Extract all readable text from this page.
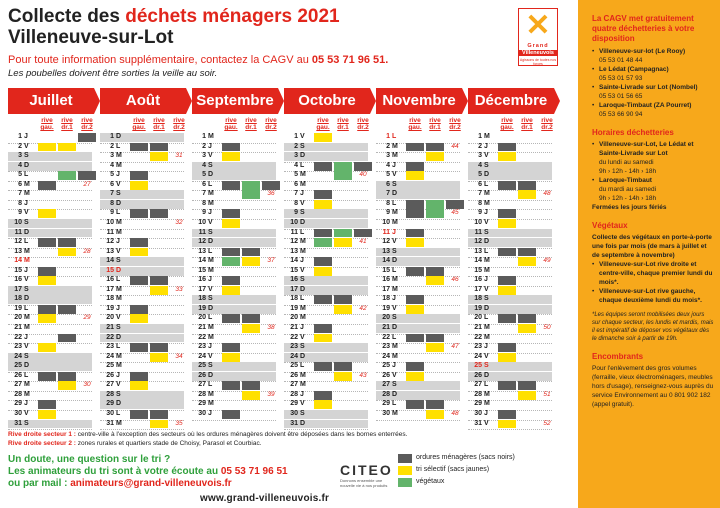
Collecte des déchets ménagers 2021
Villeneuve-sur-Lot
Pour toute information supplémentaire, contactez la CAGV au 05 53 71 96 51.
Les poubelles doivent être sorties la veille au soir.
✕
Grand
Villeneuvois
Agissons de toutes nos forces
Juillet
rive gau.
rive dr.1
rive dr.2
1 J
2 V
3 S
4 D
5 L
6 M
7 M
8 J
9 V
10 S
11 D
12 L
13 M
14 M
15 J
16 V
17 S
18 D
19 L
20 M
21 M
22 J
23 V
24 S
25 D
26 L
27 M
28 M
29 J
30 V
31 S
27
28
29
30
Août
rive gau.
rive dr.1
rive dr.2
1 D
2 L
3 M
4 M
5 J
6 V
7 S
8 D
9 L
10 M
11 M
12 J
13 V
14 S
15 D
16 L
17 M
18 M
19 J
20 V
21 S
22 D
23 L
24 M
25 M
26 J
27 V
28 S
29 D
30 L
31 M
31
32
33
34
35
Septembre
rive gau.
rive dr.1
rive dr.2
1 M
2 J
3 V
4 S
5 D
6 L
7 M
8 M
9 J
10 V
11 S
12 D
13 L
14 M
15 M
16 J
17 V
18 S
19 D
20 L
21 M
22 M
23 J
24 V
25 S
26 D
27 L
28 M
29 M
30 J
36
37
38
39
Octobre
rive gau.
rive dr.1
rive dr.2
1 V
2 S
3 D
4 L
5 M
6 M
7 J
8 V
9 S
10 D
11 L
12 M
13 M
14 J
15 V
16 S
17 D
18 L
19 M
20 M
21 J
22 V
23 S
24 D
25 L
26 M
27 M
28 J
29 V
30 S
31 D
40
41
42
43
Novembre
rive gau.
rive dr.1
rive dr.2
1 L
2 M
3 M
4 J
5 V
6 S
7 D
8 L
9 M
10 M
11 J
12 V
13 S
14 D
15 L
16 M
17 M
18 J
19 V
20 S
21 D
22 L
23 M
24 M
25 J
26 V
27 S
28 D
29 L
30 M
44
45
46
47
48
Décembre
rive gau.
rive dr.1
rive dr.2
1 M
2 J
3 V
4 S
5 D
6 L
7 M
8 M
9 J
10 V
11 S
12 D
13 L
14 M
15 M
16 J
17 V
18 S
19 D
20 L
21 M
22 M
23 J
24 V
25 S
26 D
27 L
28 M
29 M
30 J
31 V
48
49
50
51
52
Rive droite secteur 1 : centre-ville à l'exception des secteurs où les ordures ménagères doivent être déposées dans les bornes enterrées.
Rive droite secteur 2 : zones rurales et quartiers stade de Choisy, Parasol et Courbiac.
Un doute, une question sur le tri ?
Les animateurs du tri sont à votre écoute au 05 53 71 96 51
ou par mail : animateurs@grand-villeneuvois.fr
CITEO
Donnons ensemble une nouvelle vie à nos produits
ordures ménagères (sacs noirs)
tri sélectif (sacs jaunes)
végétaux
www.grand-villeneuvois.fr
La CAGV met gratuitement quatre déchetteries à votre disposition
• Villeneuve-sur-lot (Le Rooy)
05 53 01 48 44
• Le Lédat (Campagnac)
05 53 01 57 93
• Sainte-Livrade sur Lot (Nombel)
05 53 01 56 65
• Laroque-Timbaut (ZA Pourret)
05 53 66 90 94
Horaires déchetteries
• Villeneuve-sur-Lot, Le Lédat et Sainte-Livrade sur Lot
du lundi au samedi
9h › 12h - 14h › 18h
• Laroque-Timbaut
du mardi au samedi
9h › 12h - 14h › 18h
Fermées les jours fériés
Végétaux
Collecte des végétaux en porte-à-porte une fois par mois (de mars à juillet et de septembre à novembre)
• Villeneuve-sur-Lot rive droite et centre-ville, chaque premier lundi du mois*.
• Villeneuve-sur-Lot rive gauche, chaque deuxième lundi du mois*.
*Les équipes seront mobilisées deux jours sur chaque secteur, les lundis et mardis, mais il est impératif de déposer vos végétaux dès le dimanche soir à partir de 19h.
Encombrants
Pour l'enlèvement des gros volumes (ferraille, vieux électroménagers, meubles hors d'usage), renseignez-vous auprès du service Environnement au 0 801 902 182 (appel gratuit).
